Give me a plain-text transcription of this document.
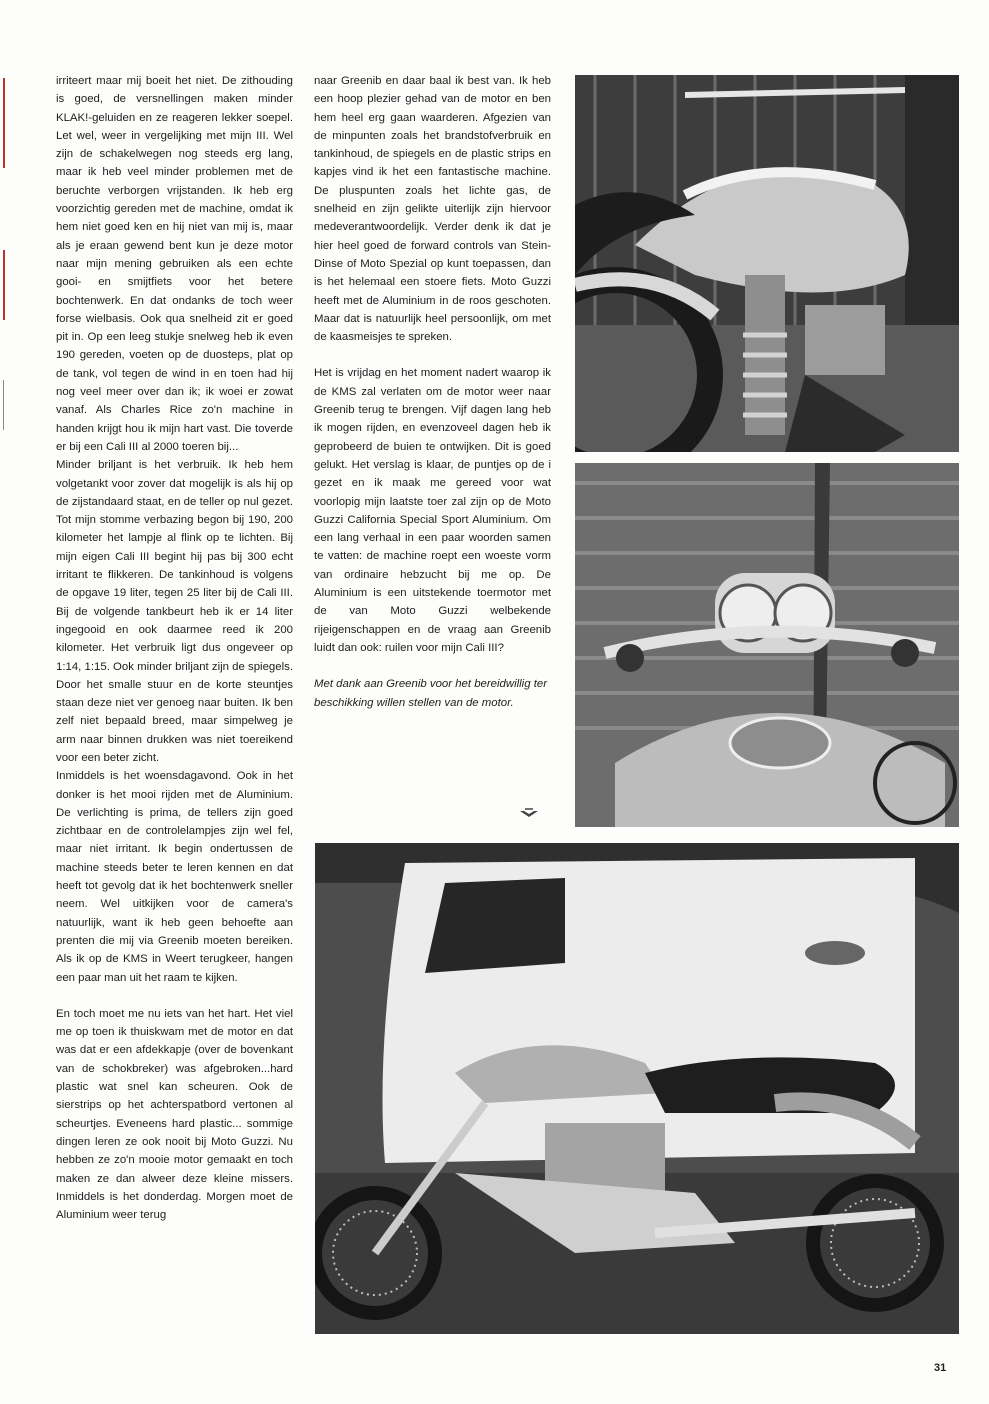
irriteert maar mij boeit het niet. De zithouding is goed, de versnellingen maken minder KLAK!-geluiden en ze reageren lekker soepel. Let wel, weer in vergelijking met mijn III. Wel zijn de schakelwegen nog steeds erg lang, maar ik heb veel minder problemen met de beruchte verborgen vrijstanden. Ik heb erg voorzichtig gereden met de machine, omdat ik hem niet goed ken en hij niet van mij is, maar als je eraan gewend bent kun je deze motor naar mijn mening gebruiken als een echte gooi- en smijtfiets voor het betere bochtenwerk. En dat ondanks de toch weer forse wielbasis. Ook qua snelheid zit er goed pit in. Op een leeg stukje snelweg heb ik even 190 gereden, voeten op de duosteps, plat op de tank, vol tegen de wind in en toen had hij nog veel meer over dan ik; ik woei er zowat vanaf. Als Charles Rice zo'n machine in handen krijgt hou ik mijn hart vast. Die toverde er bij een Cali III al 2000 toeren bij...

Minder briljant is het verbruik. Ik heb hem volgetankt voor zover dat mogelijk is als hij op de zijstandaard staat, en de teller op nul gezet. Tot mijn stomme verbazing begon bij 190, 200 kilometer het lampje al flink op te lichten. Bij mijn eigen Cali III begint hij pas bij 300 echt irritant te flikkeren. De tankinhoud is volgens de opgave 19 liter, tegen 25 liter bij de Cali III. Bij de volgende tankbeurt heb ik er 14 liter ingegooid en ook daarmee reed ik 200 kilometer. Het verbruik ligt dus ongeveer op 1:14, 1:15. Ook minder briljant zijn de spiegels. Door het smalle stuur en de korte steuntjes staan deze niet ver genoeg naar buiten. Ik ben zelf niet bepaald breed, maar simpelweg je arm naar binnen drukken was niet toereikend voor een beter zicht.

Inmiddels is het woensdagavond. Ook in het donker is het mooi rijden met de Aluminium. De verlichting is prima, de tellers zijn goed zichtbaar en de controlelampjes zijn wel fel, maar niet irritant. Ik begin ondertussen de machine steeds beter te leren kennen en dat heeft tot gevolg dat ik het bochtenwerk sneller neem. Wel uitkijken voor de camera's natuurlijk, want ik heb geen behoefte aan prenten die mij via Greenib moeten bereiken. Als ik op de KMS in Weert terugkeer, hangen een paar man uit het raam te kijken.

En toch moet me nu iets van het hart. Het viel me op toen ik thuiskwam met de motor en dat was dat er een afdekkapje (over de bovenkant van de schokbreker) was afgebroken...hard plastic wat snel kan scheuren. Ook de sierstrips op het achterspatbord vertonen al scheurtjes. Eveneens hard plastic... sommige dingen leren ze ook nooit bij Moto Guzzi. Nu hebben ze zo'n mooie motor gemaakt en toch maken ze dan alweer deze kleine missers. Inmiddels is het donderdag. Morgen moet de Aluminium weer terug

naar Greenib en daar baal ik best van. Ik heb een hoop plezier gehad van de motor en ben hem heel erg gaan waarderen. Afgezien van de minpunten zoals het brandstofverbruik en tankinhoud, de spiegels en de plastic strips en kapjes vind ik het een fantastische machine. De pluspunten zoals het lichte gas, de snelheid en zijn gelikte uiterlijk zijn hiervoor medeverantwoordelijk. Verder denk ik dat je hier heel goed de forward controls van Stein-Dinse of Moto Spezial op kunt toepassen, dan is het helemaal een stoere fiets. Moto Guzzi heeft met de Aluminium in de roos geschoten. Maar dat is natuurlijk heel persoonlijk, om met de kaasmeisjes te spreken.

Het is vrijdag en het moment nadert waarop ik de KMS zal verlaten om de motor weer naar Greenib terug te brengen. Vijf dagen lang heb ik mogen rijden, en evenzoveel dagen heb ik geprobeerd de buien te ontwijken. Dit is goed gelukt. Het verslag is klaar, de puntjes op de i gezet en ik maak me gereed voor wat voorlopig mijn laatste toer zal zijn op de Moto Guzzi California Special Sport Aluminium. Om een lang verhaal in een paar woorden samen te vatten: de machine roept een woeste vorm van ordinaire hebzucht bij me op. De Aluminium is een uitstekende toermotor met de van Moto Guzzi welbekende rijeigenschappen en de vraag aan Greenib luidt dan ook: ruilen voor mijn Cali III?

Met dank aan Greenib voor het bereidwillig ter beschikking willen stellen van de motor.

31
